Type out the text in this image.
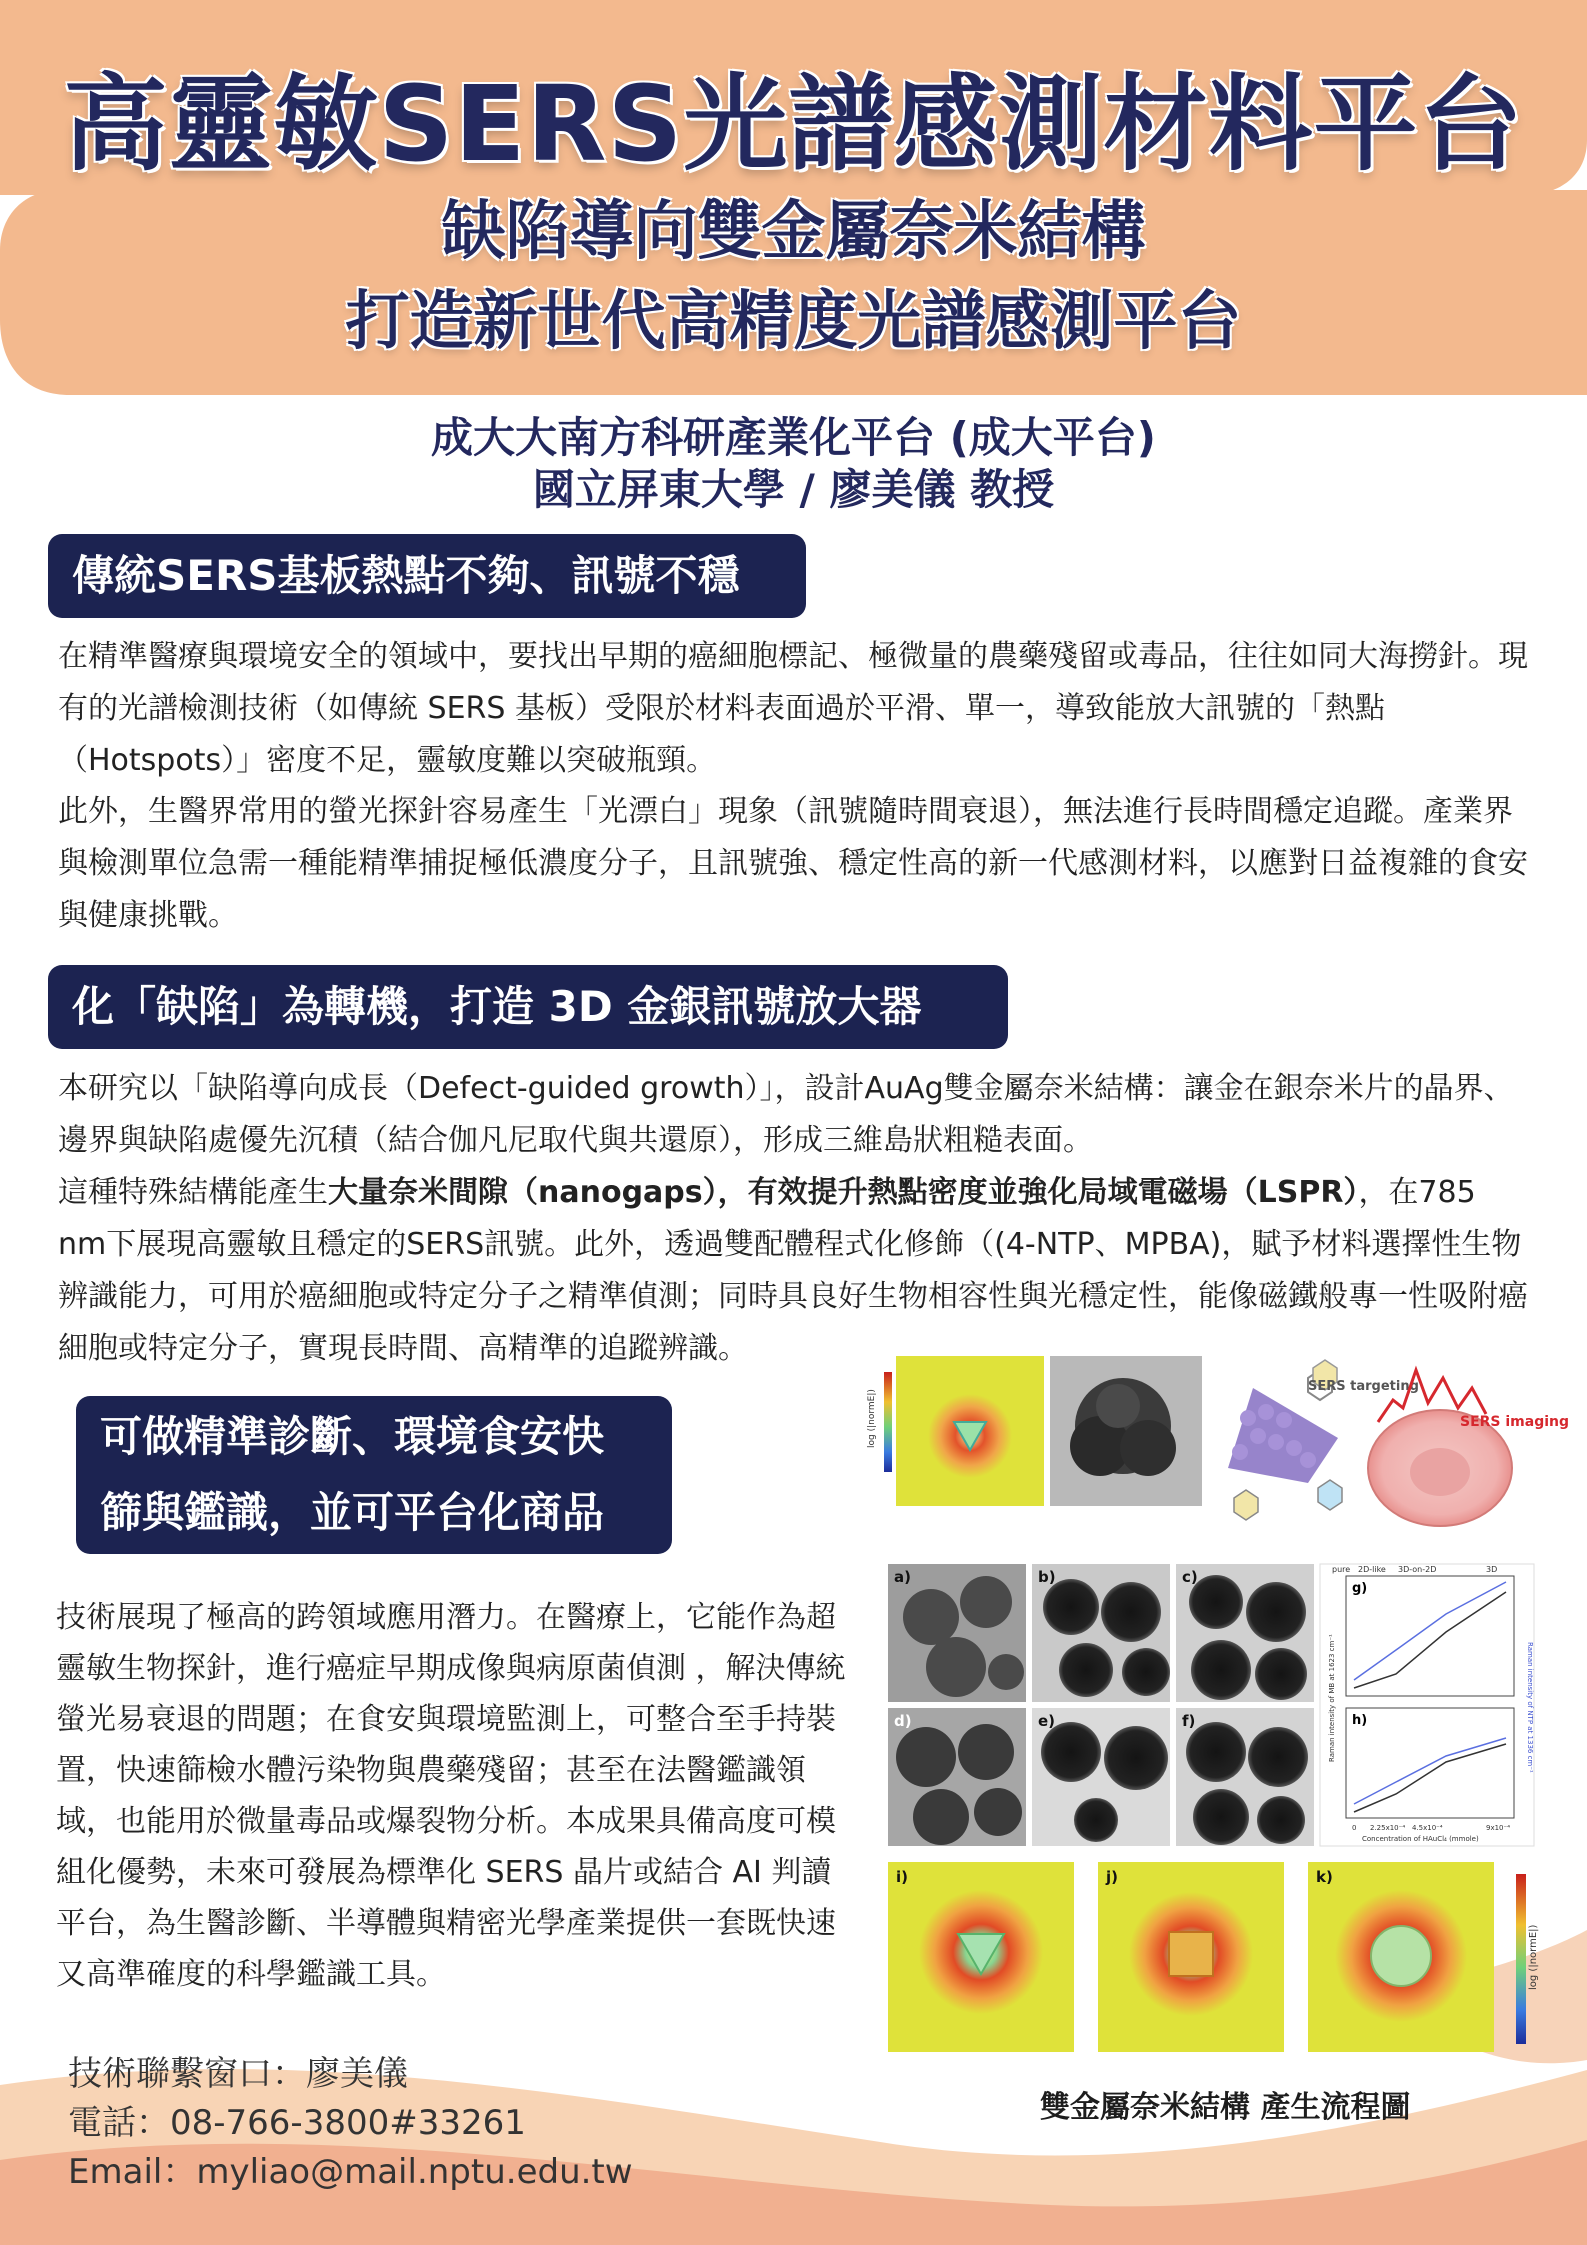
高靈敏SERS光譜感測材料平台
缺陷導向雙金屬奈米結構
打造新世代高精度光譜感測平台

成大大南方科研產業化平台 (成大平台)

國立屏東大學 / 廖美儀 教授

傳統SERS基板熱點不夠、訊號不穩

在精準醫療與環境安全的領域中，要找出早期的癌細胞標記、極微量的農藥殘留或毒品，往往如同大海撈針。現有的光譜檢測技術（如傳統 SERS 基板）受限於材料表面過於平滑、單一，導致能放大訊號的「熱點（Hotspots）」密度不足，靈敏度難以突破瓶頸。

此外，生醫界常用的螢光探針容易產生「光漂白」現象（訊號隨時間衰退），無法進行長時間穩定追蹤。產業界與檢測單位急需一種能精準捕捉極低濃度分子，且訊號強、穩定性高的新一代感測材料，以應對日益複雜的食安與健康挑戰。

化「缺陷」為轉機，打造 3D 金銀訊號放大器

本研究以「缺陷導向成長（Defect-guided growth）」，設計AuAg雙金屬奈米結構：讓金在銀奈米片的晶界、邊界與缺陷處優先沉積（結合伽凡尼取代與共還原），形成三維島狀粗糙表面。

這種特殊結構能產生大量奈米間隙（nanogaps），有效提升熱點密度並強化局域電磁場（LSPR），在785 nm下展現高靈敏且穩定的SERS訊號。此外，透過雙配體程式化修飾（(4-NTP、MPBA)，賦予材料選擇性生物辨識能力，可用於癌細胞或特定分子之精準偵測；同時具良好生物相容性與光穩定性，能像磁鐵般專一性吸附癌細胞或特定分子，實現長時間、高精準的追蹤辨識。

可做精準診斷、環境食安快
篩與鑑識，並可平台化商品

技術展現了極高的跨領域應用潛力。在醫療上，它能作為超靈敏生物探針，進行癌症早期成像與病原菌偵測 ，解決傳統螢光易衰退的問題；在食安與環境監測上，可整合至手持裝置，快速篩檢水體污染物與農藥殘留；甚至在法醫鑑識領域，也能用於微量毒品或爆裂物分析。本成果具備高度可模組化優勢，未來可發展為標準化 SERS 晶片或結合 AI 判讀平台，為生醫診斷、半導體與精密光學產業提供一套既快速又高準確度的科學鑑識工具。

技術聯繫窗口：廖美儀

電話：08-766-3800#33261

Email：myliao@mail.nptu.edu.tw

log (|normE|)
SERS targeting
SERS imaging
a)	b)	c)
d)	e)	f)
pure 2D-like 3D-on-2D	3D
g)
h)
0 2.25x10⁻⁴ 4.5x10⁻⁴	9x10⁻⁴
Concentration of HAuCl₄ (mmole)
Raman intensity of MB at 1623 cm⁻¹	Raman intensity of NTP at 1336 cm⁻¹
i)	j)	k)
log (|normE|)

雙金屬奈米結構 產生流程圖
